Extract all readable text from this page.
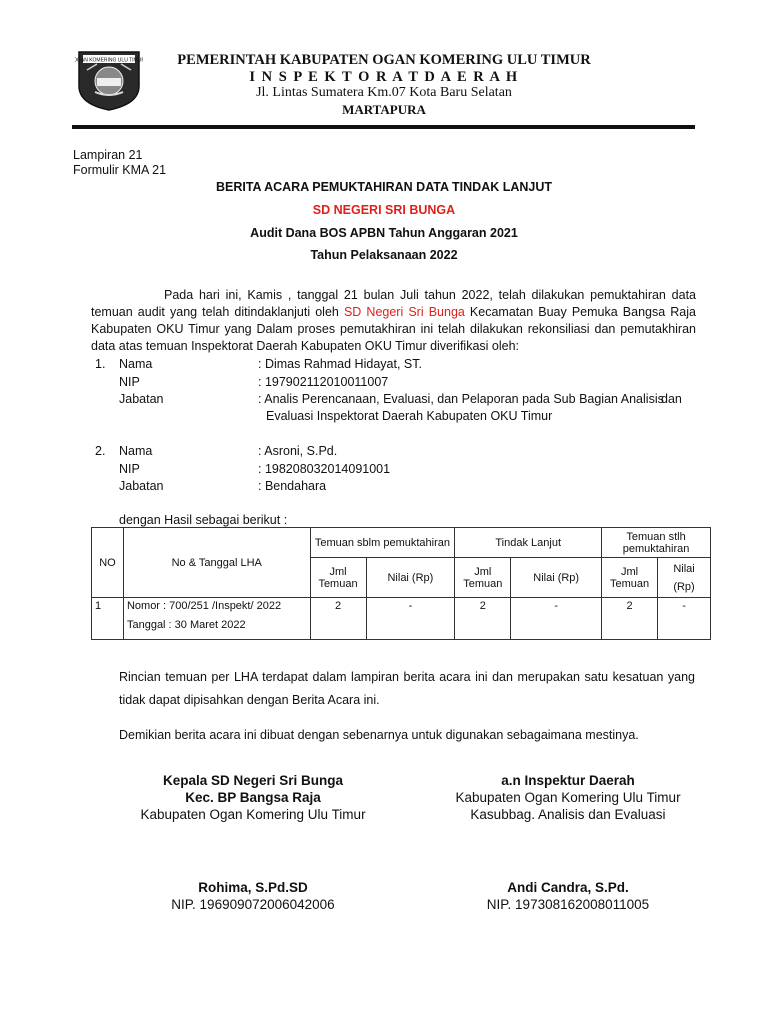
OGAN KOMERING ULU TIMUR	PEMERINTAH KABUPATEN OGAN KOMERING ULU TIMUR
I N S P E K T O R A T D A E R A H
Jl. Lintas Sumatera Km.07 Kota Baru Selatan
MARTAPURA
Lampiran 21
Formulir KMA 21
BERITA ACARA PEMUKTAHIRAN DATA TINDAK LANJUT
SD NEGERI SRI BUNGA
Audit Dana BOS APBN Tahun Anggaran 2021
Tahun Pelaksanaan 2022
Pada hari ini, Kamis , tanggal 21 bulan Juli tahun 2022, telah dilakukan pemuktahiran data temuan audit yang telah ditindaklanjuti oleh SD Negeri Sri Bunga Kecamatan Buay Pemuka Bangsa Raja Kabupaten OKU Timur yang Dalam proses pemutakhiran ini telah dilakukan rekonsiliasi dan pemutakhiran data atas temuan Inspektorat Daerah Kabupaten OKU Timur diverifikasi oleh:
1. Nama	: Dimas Rahmad Hidayat, ST.
NIP	: 197902112010011007
Jabatan	: Analis Perencanaan, Evaluasi, dan Pelaporan pada Sub Bagian Analisis
dan
Evaluasi Inspektorat Daerah Kabupaten OKU Timur
2. Nama	: Asroni, S.Pd.
NIP	: 198208032014091001
Jabatan	: Bendahara
dengan Hasil sebagai berikut :
NO	No & Tanggal LHA	Temuan sblm pemuktahiran		Tindak Lanjut		Temuan stlh pemuktahiran	
		Jml Temuan	Nilai (Rp)	Jml Temuan	Nilai (Rp)	Jml Temuan	Nilai
(Rp)

1	Nomor : 700/251 /Inspekt/ 2022
Tanggal : 30 Maret 2022	2	-	2	-	2	-
Rincian temuan per LHA terdapat dalam lampiran berita acara ini dan merupakan satu kesatuan yang tidak dapat dipisahkan dengan Berita Acara ini.
Demikian berita acara ini dibuat dengan sebenarnya untuk digunakan sebagaimana mestinya.
Kepala SD Negeri Sri Bunga
Kec. BP Bangsa Raja
Kabupaten Ogan Komering Ulu Timur
Rohima, S.Pd.SD
NIP. 196909072006042006
a.n Inspektur Daerah
Kabupaten Ogan Komering Ulu Timur
Kasubbag. Analisis dan Evaluasi
Andi Candra, S.Pd.
NIP. 197308162008011005
